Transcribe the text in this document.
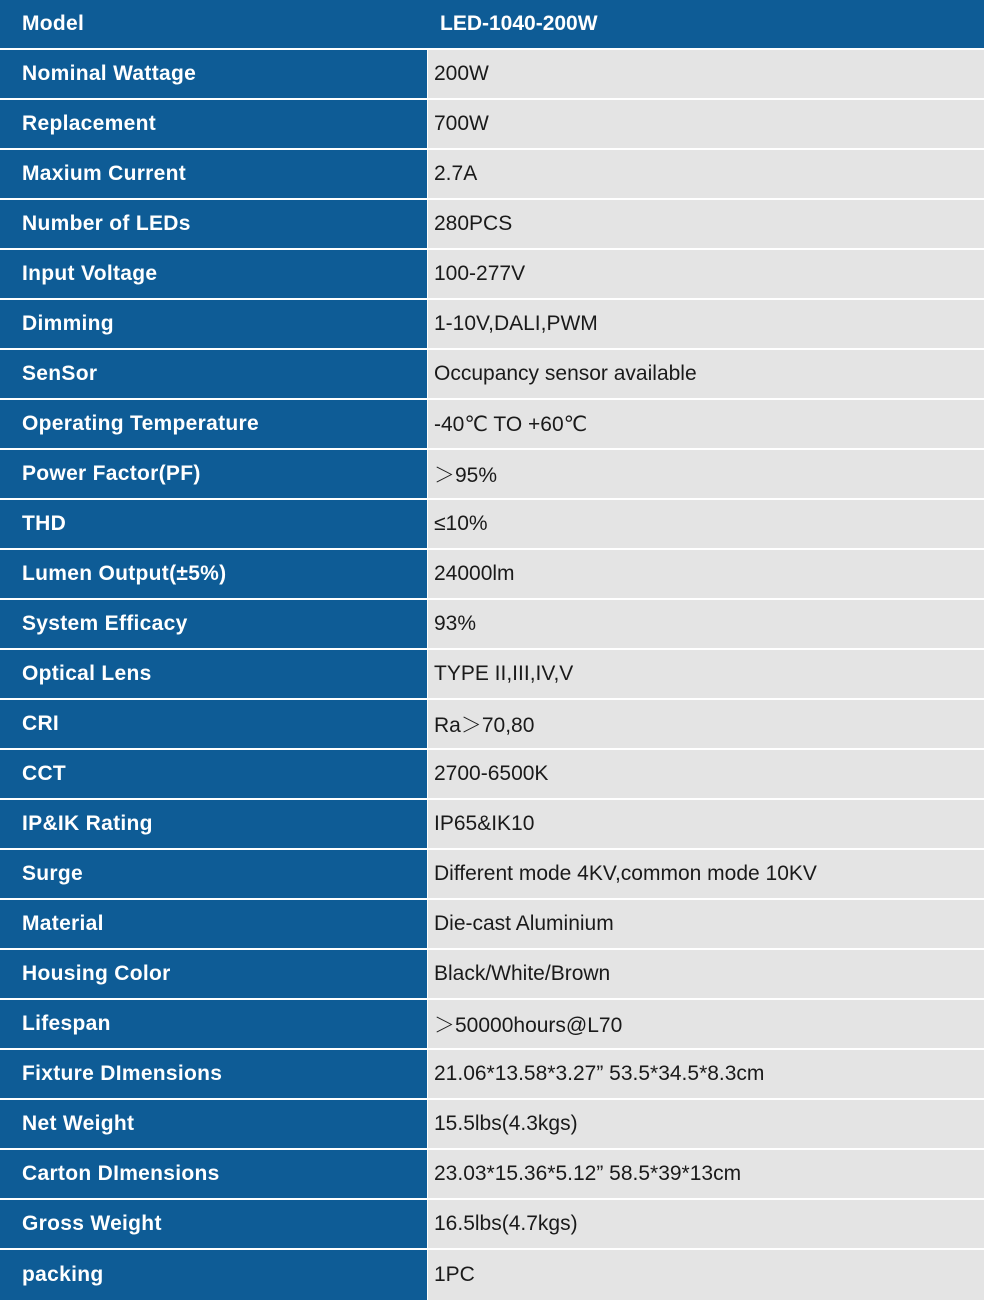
Model	LED-1040-200W
Nominal Wattage	200W
Replacement	700W
Maxium Current	2.7A
Number of LEDs	280PCS
Input Voltage	100-277V
Dimming	1-10V,DALI,PWM
SenSor	Occupancy sensor available
Operating Temperature	-40℃ TO +60℃
Power Factor(PF)	＞95%
THD	≤10%
Lumen Output(±5%)	24000lm
System Efficacy	93%
Optical Lens	TYPE II,III,IV,V
CRI	Ra＞70,80
CCT	2700-6500K
IP&IK Rating	IP65&IK10
Surge	Different mode 4KV,common mode 10KV
Material	Die-cast Aluminium
Housing Color	Black/White/Brown
Lifespan	＞50000hours@L70
Fixture DImensions	21.06*13.58*3.27” 53.5*34.5*8.3cm
Net Weight	15.5lbs(4.3kgs)
Carton DImensions	23.03*15.36*5.12” 58.5*39*13cm
Gross Weight	16.5lbs(4.7kgs)
packing	1PC
